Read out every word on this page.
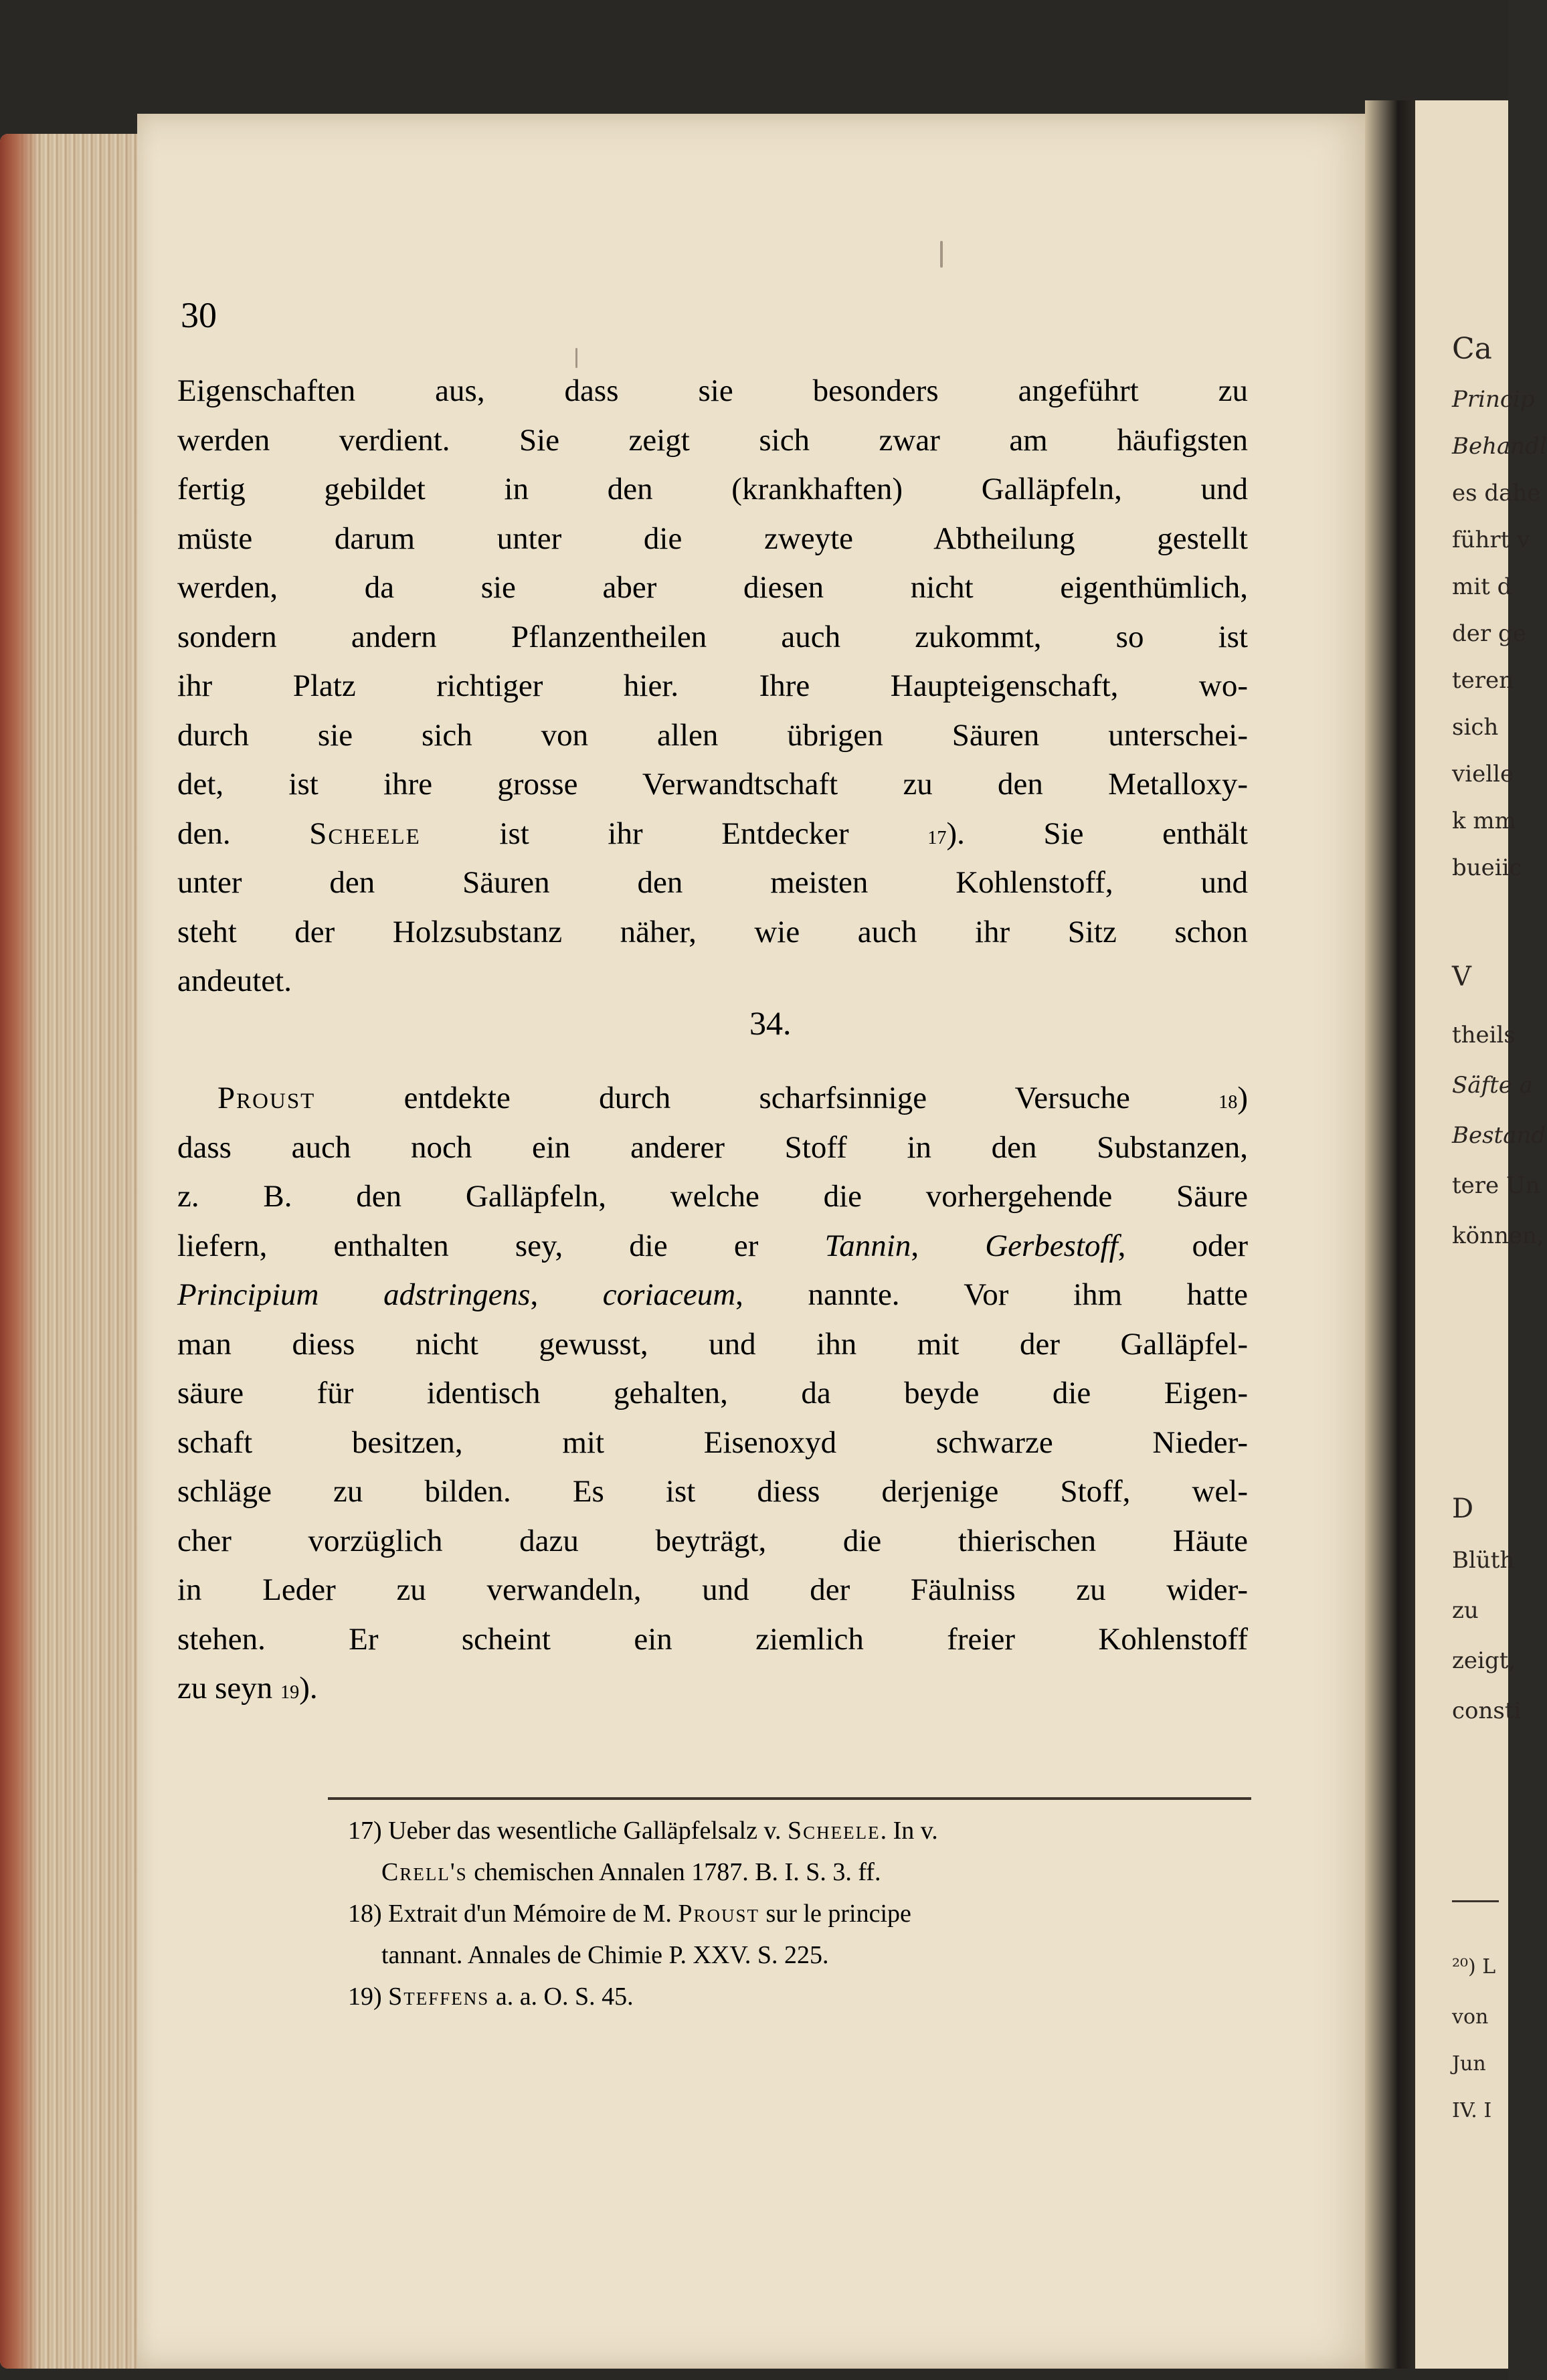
30
Eigenschaften aus, dass sie besonders angeführt zu
werden verdient. Sie zeigt sich zwar am häufigsten
fertig gebildet in den (krankhaften) Galläpfeln, und
müste darum unter die zweyte Abtheilung gestellt
werden, da sie aber diesen nicht eigenthümlich,
sondern andern Pflanzentheilen auch zukommt, so ist
ihr Platz richtiger hier. Ihre Haupteigenschaft, wo-
durch sie sich von allen übrigen Säuren unterschei-
det, ist ihre grosse Verwandtschaft zu den Metalloxy-
den. Scheele ist ihr Entdecker $^{17}$). Sie enthält
unter den Säuren den meisten Kohlenstoff, und
steht der Holzsubstanz näher, wie auch ihr Sitz schon
andeutet.
34.
Proust entdekte durch scharfsinnige Versuche $^{18}$)
dass auch noch ein anderer Stoff in den Substanzen,
z. B. den Galläpfeln, welche die vorhergehende Säure
liefern, enthalten sey, die er Tannin, Gerbestoff, oder
Principium adstringens, coriaceum, nannte. Vor ihm hatte
man diess nicht gewusst, und ihn mit der Galläpfel-
säure für identisch gehalten, da beyde die Eigen-
schaft besitzen, mit Eisenoxyd schwarze Nieder-
schläge zu bilden. Es ist diess derjenige Stoff, wel-
cher vorzüglich dazu beyträgt, die thierischen Häute
in Leder zu verwandeln, und der Fäulniss zu wider-
stehen. Er scheint ein ziemlich freier Kohlenstoff
zu seyn $^{19}$).
17) Ueber das wesentliche Galläpfelsalz v. Scheele. In v.
Crell's chemischen Annalen 1787. B. I. S. 3. ff.
18) Extrait d'un Mémoire de M. Proust sur le principe
tannant. Annales de Chimie P. XXV. S. 225.
19) Steffens a. a. O. S. 45.
Ca
Princip
Behandl
es dahe
führt v
mit d
der ge
teren
sich
vielle
k mm
bueiic
V
theils
Säfte a
Bestand
tere Un
können,
D
Blüth
zu
zeigt,
consti
²⁰) L
von
Jun
IV. I
